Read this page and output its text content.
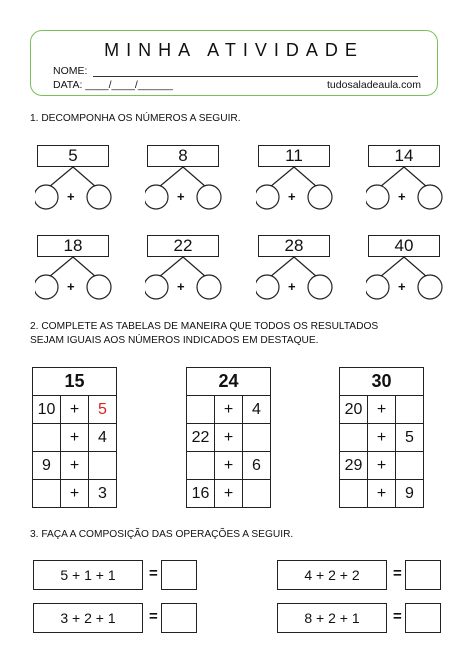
MINHA ATIVIDADE
NOME:
DATA: ____/____/______	tudosaladeaula.com
1. DECOMPONHA OS NÚMEROS A SEGUIR.
5
+
8
+
11
+
14
+
18
+
22
+
28
+
40
+
2. COMPLETE AS TABELAS DE MANEIRA QUE TODOS OS RESULTADOS
SEJAM IGUAIS AOS NÚMEROS INDICADOS EM DESTAQUE.
15		
10	+	5
	+	4
9	+	
	+	3
24		
	+	4
22	+	
	+	6
16	+	
30		
20	+	
	+	5
29	+	
	+	9
3. FAÇA A COMPOSIÇÃO DAS OPERAÇÕES A SEGUIR.
5 + 1 + 1	=	4 + 2 + 2	=
3 + 2 + 1	=	8 + 2 + 1	=
